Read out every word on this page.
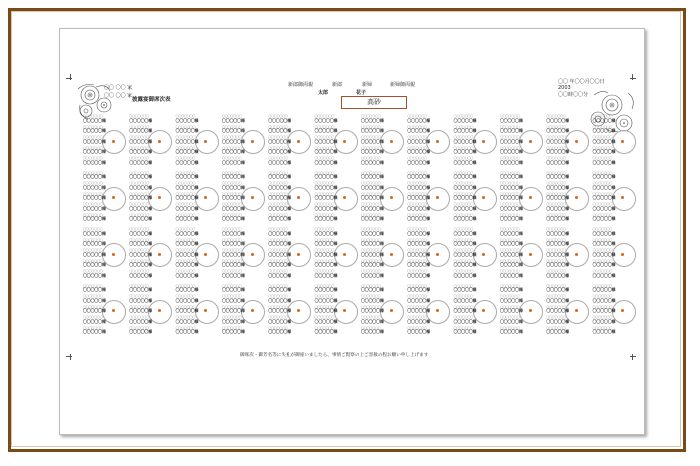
〇〇 〇〇 家
〇〇 〇〇 家
披露宴御席次表
新郎御両親	新郎	新婦	新婦御両親
太郎	花子
高砂
〇〇 年〇〇月〇〇日
2003
〇〇時〇〇分
〇〇〇〇〇〇〇
〇〇〇〇〇様
〇〇〇〇〇〇〇
〇〇〇〇〇様
〇〇〇〇〇〇〇
〇〇〇〇〇様
〇〇〇〇〇〇〇
〇〇〇〇〇様
〇〇〇〇〇〇〇
〇〇〇〇〇様
〇〇〇〇〇〇〇
〇〇〇〇〇様
〇〇〇〇〇〇〇
〇〇〇〇〇様
〇〇〇〇〇〇〇
〇〇〇〇〇様
〇〇〇〇〇〇〇
〇〇〇〇〇様
〇〇〇〇〇〇〇
〇〇〇〇〇様
〇〇〇〇〇〇〇
〇〇〇〇〇様
〇〇〇〇〇〇〇
〇〇〇〇〇様
〇〇〇〇〇〇〇
〇〇〇〇〇様
〇〇〇〇〇〇〇
〇〇〇〇〇様
〇〇〇〇〇〇〇
〇〇〇〇〇様
〇〇〇〇〇〇〇
〇〇〇〇〇様
〇〇〇〇〇〇〇
〇〇〇〇〇様
〇〇〇〇〇〇〇
〇〇〇〇〇様
〇〇〇〇〇〇〇
〇〇〇〇〇様
〇〇〇〇〇〇〇
〇〇〇〇〇様
〇〇〇〇〇〇〇
〇〇〇〇〇様
〇〇〇〇〇〇〇
〇〇〇〇〇様
〇〇〇〇〇〇〇
〇〇〇〇〇様
〇〇〇〇〇〇〇
〇〇〇〇〇様
〇〇〇〇〇〇〇
〇〇〇〇〇様
〇〇〇〇〇〇〇
〇〇〇〇〇様
〇〇〇〇〇〇〇
〇〇〇〇〇様
〇〇〇〇〇〇〇
〇〇〇〇〇様
〇〇〇〇〇〇〇
〇〇〇〇〇様
〇〇〇〇〇〇〇
〇〇〇〇〇様
〇〇〇〇〇〇〇
〇〇〇〇〇様
〇〇〇〇〇〇〇
〇〇〇〇〇様
〇〇〇〇〇〇〇
〇〇〇〇〇様
〇〇〇〇〇〇〇
〇〇〇〇〇様
〇〇〇〇〇〇〇
〇〇〇〇〇様
〇〇〇〇〇〇〇
〇〇〇〇〇様
〇〇〇〇〇〇〇
〇〇〇〇〇様
〇〇〇〇〇〇〇
〇〇〇〇〇様
〇〇〇〇〇〇〇
〇〇〇〇〇様
〇〇〇〇〇〇〇
〇〇〇〇〇様
〇〇〇〇〇〇〇
〇〇〇〇〇様
〇〇〇〇〇〇〇
〇〇〇〇〇様
〇〇〇〇〇〇〇
〇〇〇〇〇様
〇〇〇〇〇〇〇
〇〇〇〇〇様
〇〇〇〇〇〇〇
〇〇〇〇〇様
〇〇〇〇〇〇〇
〇〇〇〇〇様
〇〇〇〇〇〇〇
〇〇〇〇〇様
〇〇〇〇〇〇〇
〇〇〇〇〇様
〇〇〇〇〇〇〇
〇〇〇〇〇様
〇〇〇〇〇〇〇
〇〇〇〇〇様
〇〇〇〇〇〇〇
〇〇〇〇〇様
〇〇〇〇〇〇〇
〇〇〇〇〇様
〇〇〇〇〇〇〇
〇〇〇〇〇様
〇〇〇〇〇〇〇
〇〇〇〇〇様
〇〇〇〇〇〇〇
〇〇〇〇〇様
〇〇〇〇〇〇〇
〇〇〇〇〇様
〇〇〇〇〇〇〇
〇〇〇〇〇様
〇〇〇〇〇〇〇
〇〇〇〇〇様
〇〇〇〇〇〇〇
〇〇〇〇〇様
〇〇〇〇〇〇〇
〇〇〇〇〇様
〇〇〇〇〇〇〇
〇〇〇〇〇様
〇〇〇〇〇〇〇
〇〇〇〇〇様
〇〇〇〇〇〇〇
〇〇〇〇〇様
〇〇〇〇〇〇〇
〇〇〇〇〇様
〇〇〇〇〇〇〇
〇〇〇〇〇様
〇〇〇〇〇〇〇
〇〇〇〇〇様
〇〇〇〇〇〇〇
〇〇〇〇〇様
〇〇〇〇〇〇〇
〇〇〇〇〇様
〇〇〇〇〇〇〇
〇〇〇〇〇様
〇〇〇〇〇〇〇
〇〇〇〇〇様
〇〇〇〇〇〇〇
〇〇〇〇〇様
〇〇〇〇〇〇〇
〇〇〇〇〇様
〇〇〇〇〇〇〇
〇〇〇〇〇様
〇〇〇〇〇〇〇
〇〇〇〇〇様
〇〇〇〇〇〇〇
〇〇〇〇〇様
〇〇〇〇〇〇〇
〇〇〇〇〇様
〇〇〇〇〇〇〇
〇〇〇〇〇様
〇〇〇〇〇〇〇
〇〇〇〇〇様
〇〇〇〇〇〇〇
〇〇〇〇〇様
〇〇〇〇〇〇〇
〇〇〇〇〇様
〇〇〇〇〇〇〇
〇〇〇〇〇様
〇〇〇〇〇〇〇
〇〇〇〇〇様
〇〇〇〇〇〇〇
〇〇〇〇〇様
〇〇〇〇〇〇〇
〇〇〇〇〇様
〇〇〇〇〇〇〇
〇〇〇〇〇様
〇〇〇〇〇〇〇
〇〇〇〇〇様
〇〇〇〇〇〇〇
〇〇〇〇〇様
〇〇〇〇〇〇〇
〇〇〇〇〇様
〇〇〇〇〇〇〇
〇〇〇〇〇様
〇〇〇〇〇〇〇
〇〇〇〇〇様
〇〇〇〇〇〇〇
〇〇〇〇〇様
〇〇〇〇〇〇〇
〇〇〇〇〇様
〇〇〇〇〇〇〇
〇〇〇〇〇様
〇〇〇〇〇〇〇
〇〇〇〇〇様
〇〇〇〇〇〇〇
〇〇〇〇〇様
〇〇〇〇〇〇〇
〇〇〇〇〇様
〇〇〇〇〇〇〇
〇〇〇〇〇様
〇〇〇〇〇〇〇
〇〇〇〇〇様
〇〇〇〇〇〇〇
〇〇〇〇〇様
〇〇〇〇〇〇〇
〇〇〇〇〇様
〇〇〇〇〇〇〇
〇〇〇〇〇様
〇〇〇〇〇〇〇
〇〇〇〇〇様
〇〇〇〇〇〇〇
〇〇〇〇〇様
〇〇〇〇〇〇〇
〇〇〇〇〇様
〇〇〇〇〇〇〇
〇〇〇〇〇様
〇〇〇〇〇〇〇
〇〇〇〇〇様
〇〇〇〇〇〇〇
〇〇〇〇〇様
〇〇〇〇〇〇〇
〇〇〇〇〇様
〇〇〇〇〇〇〇
〇〇〇〇〇様
〇〇〇〇〇〇〇
〇〇〇〇〇様
〇〇〇〇〇〇〇
〇〇〇〇〇様
〇〇〇〇〇〇〇
〇〇〇〇〇様
〇〇〇〇〇〇〇
〇〇〇〇〇様
〇〇〇〇〇〇〇
〇〇〇〇〇様
〇〇〇〇〇〇〇
〇〇〇〇〇様
〇〇〇〇〇〇〇
〇〇〇〇〇様
〇〇〇〇〇〇〇
〇〇〇〇〇様
〇〇〇〇〇〇〇
〇〇〇〇〇様
〇〇〇〇〇〇〇
〇〇〇〇〇様
〇〇〇〇〇〇〇
〇〇〇〇〇様
〇〇〇〇〇〇〇
〇〇〇〇〇様
〇〇〇〇〇〇〇
〇〇〇〇〇様
〇〇〇〇〇〇〇
〇〇〇〇〇様
〇〇〇〇〇〇〇
〇〇〇〇〇様
〇〇〇〇〇〇〇
〇〇〇〇〇様
〇〇〇〇〇〇〇
〇〇〇〇〇様
〇〇〇〇〇〇〇
〇〇〇〇〇様
〇〇〇〇〇〇〇
〇〇〇〇〇様
〇〇〇〇〇〇〇
〇〇〇〇〇様
〇〇〇〇〇〇〇
〇〇〇〇〇様
〇〇〇〇〇〇〇
〇〇〇〇〇様
〇〇〇〇〇〇〇
〇〇〇〇〇様
〇〇〇〇〇〇〇
〇〇〇〇〇様
〇〇〇〇〇〇〇
〇〇〇〇〇様
〇〇〇〇〇〇〇
〇〇〇〇〇様
〇〇〇〇〇〇〇
〇〇〇〇〇様
〇〇〇〇〇〇〇
〇〇〇〇〇様
〇〇〇〇〇〇〇
〇〇〇〇〇様
〇〇〇〇〇〇〇
〇〇〇〇〇様
〇〇〇〇〇〇〇
〇〇〇〇〇様
〇〇〇〇〇〇〇
〇〇〇〇〇様
〇〇〇〇〇〇〇
〇〇〇〇〇様
〇〇〇〇〇〇〇
〇〇〇〇〇様
〇〇〇〇〇〇〇
〇〇〇〇〇様
〇〇〇〇〇〇〇
〇〇〇〇〇様
〇〇〇〇〇〇〇
〇〇〇〇〇様
〇〇〇〇〇〇〇
〇〇〇〇〇様
〇〇〇〇〇〇〇
〇〇〇〇〇様
〇〇〇〇〇〇〇
〇〇〇〇〇様
〇〇〇〇〇〇〇
〇〇〇〇〇様
〇〇〇〇〇〇〇
〇〇〇〇〇様
〇〇〇〇〇〇〇
〇〇〇〇〇様
〇〇〇〇〇〇〇
〇〇〇〇〇様
〇〇〇〇〇〇〇
〇〇〇〇〇様
〇〇〇〇〇〇〇
〇〇〇〇〇様
〇〇〇〇〇〇〇
〇〇〇〇〇様
〇〇〇〇〇〇〇
〇〇〇〇〇様
〇〇〇〇〇〇〇
〇〇〇〇〇様
〇〇〇〇〇〇〇
〇〇〇〇〇様
〇〇〇〇〇〇〇
〇〇〇〇〇様
〇〇〇〇〇〇〇
〇〇〇〇〇様
〇〇〇〇〇〇〇
〇〇〇〇〇様
〇〇〇〇〇〇〇
〇〇〇〇〇様
〇〇〇〇〇〇〇
〇〇〇〇〇様
〇〇〇〇〇〇〇
〇〇〇〇〇様
〇〇〇〇〇〇〇
〇〇〇〇〇様
〇〇〇〇〇〇〇
〇〇〇〇〇様
〇〇〇〇〇〇〇
〇〇〇〇〇様
〇〇〇〇〇〇〇
〇〇〇〇〇様
〇〇〇〇〇〇〇
〇〇〇〇〇様
〇〇〇〇〇〇〇
〇〇〇〇〇様
〇〇〇〇〇〇〇
〇〇〇〇〇様
〇〇〇〇〇〇〇
〇〇〇〇〇様
〇〇〇〇〇〇〇
〇〇〇〇〇様
〇〇〇〇〇〇〇
〇〇〇〇〇様
〇〇〇〇〇〇〇
〇〇〇〇〇様
〇〇〇〇〇〇〇
〇〇〇〇〇様
〇〇〇〇〇〇〇
〇〇〇〇〇様
〇〇〇〇〇〇〇
〇〇〇〇〇様
〇〇〇〇〇〇〇
〇〇〇〇〇様
〇〇〇〇〇〇〇
〇〇〇〇〇様
〇〇〇〇〇〇〇
〇〇〇〇〇様
〇〇〇〇〇〇〇
〇〇〇〇〇様
〇〇〇〇〇〇〇
〇〇〇〇〇様
〇〇〇〇〇〇〇
〇〇〇〇〇様
〇〇〇〇〇〇〇
〇〇〇〇〇様
〇〇〇〇〇〇〇
〇〇〇〇〇様
〇〇〇〇〇〇〇
〇〇〇〇〇様
〇〇〇〇〇〇〇
〇〇〇〇〇様
〇〇〇〇〇〇〇
〇〇〇〇〇様
〇〇〇〇〇〇〇
〇〇〇〇〇様
〇〇〇〇〇〇〇
〇〇〇〇〇様
〇〇〇〇〇〇〇
〇〇〇〇〇様
〇〇〇〇〇〇〇
〇〇〇〇〇様
〇〇〇〇〇〇〇
〇〇〇〇〇様
〇〇〇〇〇〇〇
〇〇〇〇〇様
〇〇〇〇〇〇〇
〇〇〇〇〇様
〇〇〇〇〇〇〇
〇〇〇〇〇様
〇〇〇〇〇〇〇
〇〇〇〇〇様
〇〇〇〇〇〇〇
〇〇〇〇〇様
〇〇〇〇〇〇〇
〇〇〇〇〇様
〇〇〇〇〇〇〇
〇〇〇〇〇様
〇〇〇〇〇〇〇
〇〇〇〇〇様
〇〇〇〇〇〇〇
〇〇〇〇〇様
〇〇〇〇〇〇〇
〇〇〇〇〇様
〇〇〇〇〇〇〇
〇〇〇〇〇様
〇〇〇〇〇〇〇
〇〇〇〇〇様
〇〇〇〇〇〇〇
〇〇〇〇〇様
〇〇〇〇〇〇〇
〇〇〇〇〇様
〇〇〇〇〇〇〇
〇〇〇〇〇様
〇〇〇〇〇〇〇
〇〇〇〇〇様
〇〇〇〇〇〇〇
〇〇〇〇〇様
〇〇〇〇〇〇〇
〇〇〇〇〇様
〇〇〇〇〇〇〇
〇〇〇〇〇様
〇〇〇〇〇〇〇
〇〇〇〇〇様
〇〇〇〇〇〇〇
〇〇〇〇〇様
〇〇〇〇〇〇〇
〇〇〇〇〇様
〇〇〇〇〇〇〇
〇〇〇〇〇様
〇〇〇〇〇〇〇
〇〇〇〇〇様
〇〇〇〇〇〇〇
〇〇〇〇〇様
〇〇〇〇〇〇〇
〇〇〇〇〇様
〇〇〇〇〇〇〇
〇〇〇〇〇様
〇〇〇〇〇〇〇
〇〇〇〇〇様
〇〇〇〇〇〇〇
〇〇〇〇〇様
〇〇〇〇〇〇〇
〇〇〇〇〇様
〇〇〇〇〇〇〇
〇〇〇〇〇様
〇〇〇〇〇〇〇
〇〇〇〇〇様
〇〇〇〇〇〇〇
〇〇〇〇〇様
〇〇〇〇〇〇〇
〇〇〇〇〇様
〇〇〇〇〇〇〇
〇〇〇〇〇様
〇〇〇〇〇〇〇
〇〇〇〇〇様
〇〇〇〇〇〇〇
〇〇〇〇〇様
〇〇〇〇〇〇〇
〇〇〇〇〇様
〇〇〇〇〇〇〇
〇〇〇〇〇様
〇〇〇〇〇〇〇
〇〇〇〇〇様
〇〇〇〇〇〇〇
〇〇〇〇〇様
〇〇〇〇〇〇〇
〇〇〇〇〇様
〇〇〇〇〇〇〇
〇〇〇〇〇様
〇〇〇〇〇〇〇
〇〇〇〇〇様
〇〇〇〇〇〇〇
〇〇〇〇〇様
御席次・御芳名等に失礼が御座いましたら、事情ご賢察の上ご容赦の程お願い申し上げます
